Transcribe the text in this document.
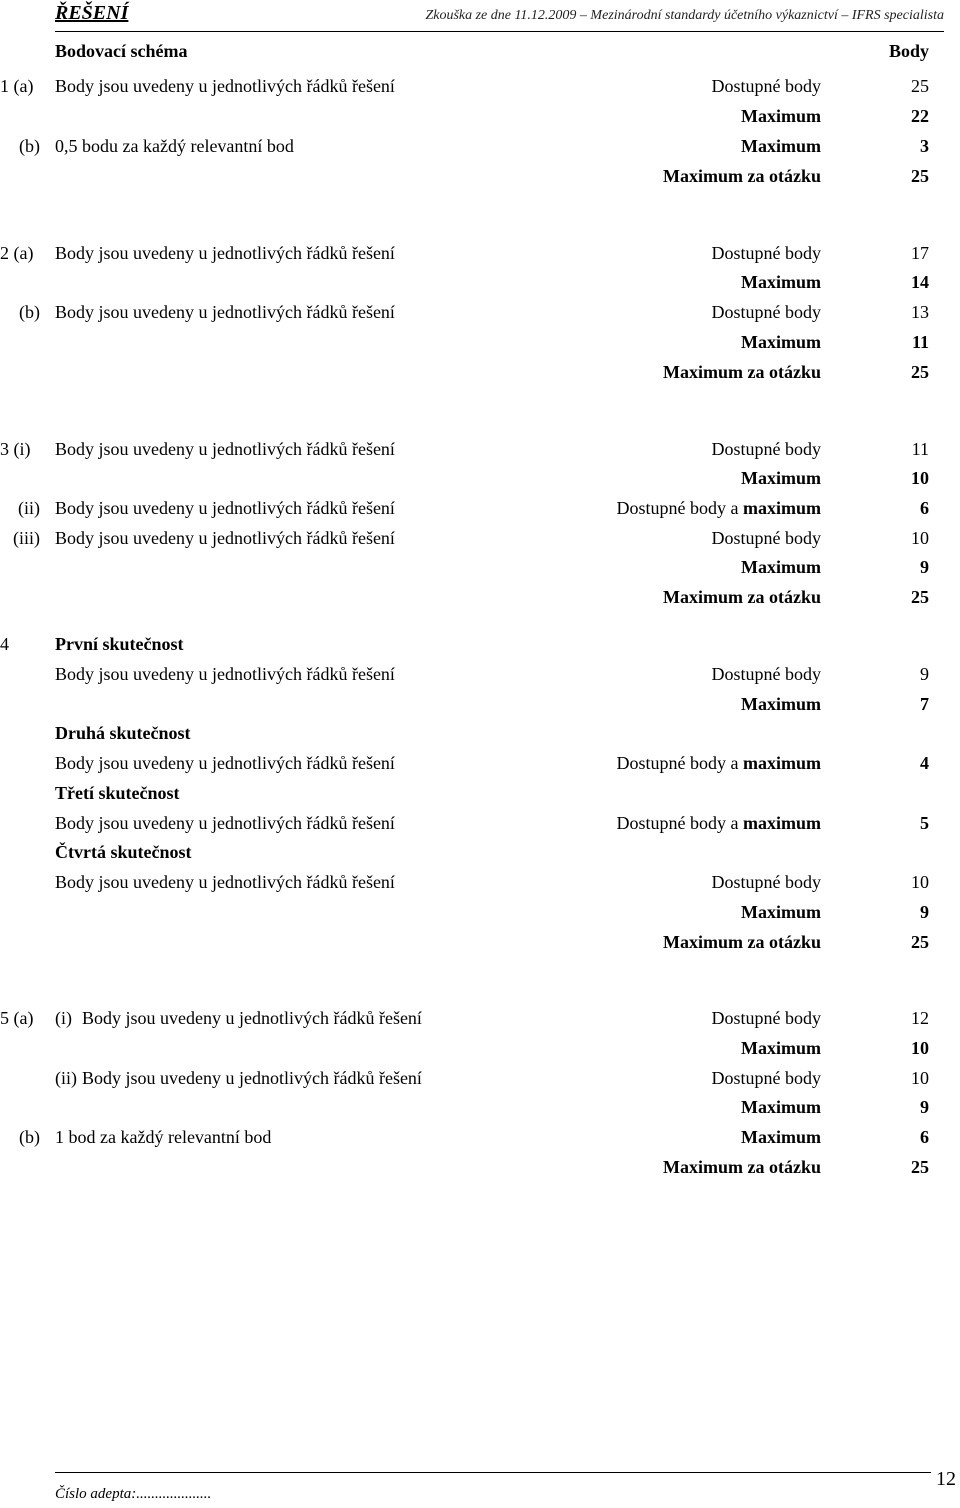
ŘEŠENÍ	Zkouška ze dne 11.12.2009 – Mezinárodní standardy účetního výkaznictví – IFRS specialista
Bodovací schéma	Body
1 (a)	Body jsou uvedeny u jednotlivých řádků řešení	Dostupné body	25
Maximum	22
(b) 0,5 bodu za každý relevantní bod	Maximum	3
Maximum za otázku	25
2 (a)	Body jsou uvedeny u jednotlivých řádků řešení	Dostupné body	17
Maximum	14
(b) Body jsou uvedeny u jednotlivých řádků řešení	Dostupné body	13
Maximum	11
Maximum za otázku	25
3 (i)	Body jsou uvedeny u jednotlivých řádků řešení	Dostupné body	11
Maximum	10
(ii) Body jsou uvedeny u jednotlivých řádků řešení	Dostupné body a maximum	6
(iii) Body jsou uvedeny u jednotlivých řádků řešení	Dostupné body	10
Maximum	9
Maximum za otázku	25
4	První skutečnost
Body jsou uvedeny u jednotlivých řádků řešení	Dostupné body	9
Maximum	7
Druhá skutečnost
Body jsou uvedeny u jednotlivých řádků řešení	Dostupné body a maximum	4
Třetí skutečnost
Body jsou uvedeny u jednotlivých řádků řešení	Dostupné body a maximum	5
Čtvrtá skutečnost
Body jsou uvedeny u jednotlivých řádků řešení	Dostupné body	10
Maximum	9
Maximum za otázku	25
5 (a)	(i) Body jsou uvedeny u jednotlivých řádků řešení	Dostupné body	12
Maximum	10
(ii) Body jsou uvedeny u jednotlivých řádků řešení	Dostupné body	10
Maximum	9
(b) 1 bod za každý relevantní bod	Maximum	6
Maximum za otázku	25
Číslo adepta:....................
12
